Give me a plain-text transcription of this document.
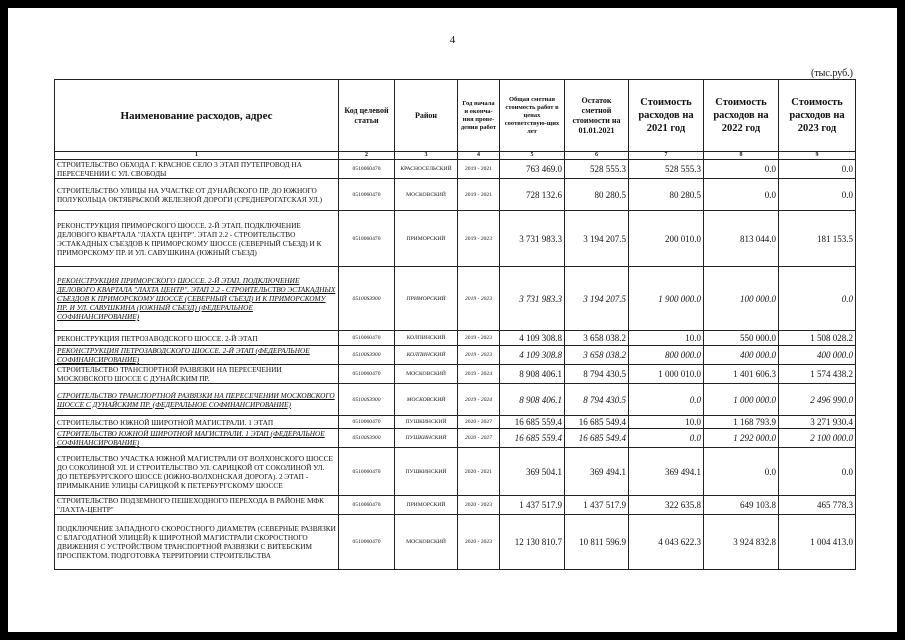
4
(тыс.руб.)
Наименование расходов, адрес	Код целевой статьи	Район	Год начала и оконча-ния прове-дения работ	Общая сметная стоимость работ в ценах соответствую-щих лет	Остаток сметной стоимости на 01.01.2021	Стоимость расходов на 2021 год	Стоимость расходов на 2022 год	Стоимость расходов на 2023 год
1	2	3	4	5	6	7	8	9
СТРОИТЕЛЬСТВО ОБХОДА Г. КРАСНОЕ СЕЛО 3 ЭТАП ПУТЕПРОВОД НА ПЕРЕСЕЧЕНИИ С УЛ. СВОБОДЫ	0510060470	КРАСНОСЕЛЬСКИЙ	2019 - 2021	763 469.0	528 555.3	528 555.3	0.0	0.0
СТРОИТЕЛЬСТВО УЛИЦЫ НА УЧАСТКЕ ОТ ДУНАЙСКОГО ПР. ДО ЮЖНОГО ПОЛУКОЛЬЦА ОКТЯБРЬСКОЙ ЖЕЛЕЗНОЙ ДОРОГИ (СРЕДНЕРОГАТСКАЯ УЛ.)	0510060470	МОСКОВСКИЙ	2019 - 2021	728 132.6	80 280.5	80 280.5	0.0	0.0
РЕКОНСТРУКЦИЯ ПРИМОРСКОГО ШОССЕ. 2-Й ЭТАП. ПОДКЛЮЧЕНИЕ ДЕЛОВОГО КВАРТАЛА "ЛАХТА ЦЕНТР". ЭТАП 2.2 - СТРОИТЕЛЬСТВО ЭСТАКАДНЫХ СЪЕЗДОВ К ПРИМОРСКОМУ ШОССЕ (СЕВЕРНЫЙ СЪЕЗД) И К ПРИМОРСКОМУ ПР. И УЛ. САВУШКИНА (ЮЖНЫЙ СЪЕЗД)	0510060470	ПРИМОРСКИЙ	2019 - 2023	3 731 983.3	3 194 207.5	200 010.0	813 044.0	181 153.5
РЕКОНСТРУКЦИЯ ПРИМОРСКОГО ШОССЕ. 2-Й ЭТАП. ПОДКЛЮЧЕНИЕ ДЕЛОВОГО КВАРТАЛА "ЛАХТА ЦЕНТР". ЭТАП 2.2 - СТРОИТЕЛЬСТВО ЭСТАКАДНЫХ СЪЕЗДОВ К ПРИМОРСКОМУ ШОССЕ (СЕВЕРНЫЙ СЪЕЗД) И К ПРИМОРСКОМУ ПР. И УЛ. САВУШКИНА (ЮЖНЫЙ СЪЕЗД) (ФЕДЕРАЛЬНОЕ СОФИНАНСИРОВАНИЕ)	05100S3900	ПРИМОРСКИЙ	2019 - 2023	3 731 983.3	3 194 207.5	1 900 000.0	100 000.0	0.0
РЕКОНСТРУКЦИЯ ПЕТРОЗАВОДСКОГО ШОССЕ. 2-Й ЭТАП	0510060470	КОЛПИНСКИЙ	2019 - 2023	4 109 308.8	3 658 038.2	10.0	550 000.0	1 508 028.2
РЕКОНСТРУКЦИЯ ПЕТРОЗАВОДСКОГО ШОССЕ. 2-Й ЭТАП (ФЕДЕРАЛЬНОЕ СОФИНАНСИРОВАНИЕ)	05100S3900	КОЛПИНСКИЙ	2019 - 2023	4 109 308.8	3 658 038.2	800 000.0	400 000.0	400 000.0
СТРОИТЕЛЬСТВО ТРАНСПОРТНОЙ РАЗВЯЗКИ НА ПЕРЕСЕЧЕНИИ МОСКОВСКОГО ШОССЕ С ДУНАЙСКИМ ПР.	0510060470	МОСКОВСКИЙ	2019 - 2024	8 908 406.1	8 794 430.5	1 000 010.0	1 401 606.3	1 574 438.2
СТРОИТЕЛЬСТВО ТРАНСПОРТНОЙ РАЗВЯЗКИ НА ПЕРЕСЕЧЕНИИ МОСКОВСКОГО ШОССЕ С ДУНАЙСКИМ ПР. (ФЕДЕРАЛЬНОЕ СОФИНАНСИРОВАНИЕ)	05100S3900	МОСКОВСКИЙ	2019 - 2024	8 908 406.1	8 794 430.5	0.0	1 000 000.0	2 496 990.0
СТРОИТЕЛЬСТВО ЮЖНОЙ ШИРОТНОЙ МАГИСТРАЛИ. 1 ЭТАП	0510060470	ПУШКИНСКИЙ	2020 - 2027	16 685 559.4	16 685 549.4	10.0	1 168 793.9	3 271 930.4
СТРОИТЕЛЬСТВО ЮЖНОЙ ШИРОТНОЙ МАГИСТРАЛИ. 1 ЭТАП (ФЕДЕРАЛЬНОЕ СОФИНАНСИРОВАНИЕ)	05100S3900	ПУШКИНСКИЙ	2020 - 2027	16 685 559.4	16 685 549.4	0.0	1 292 000.0	2 100 000.0
СТРОИТЕЛЬСТВО УЧАСТКА ЮЖНОЙ МАГИСТРАЛИ ОТ ВОЛХОНСКОГО ШОССЕ ДО СОКОЛИНОЙ УЛ. И СТРОИТЕЛЬСТВО УЛ. САРИЦКОЙ ОТ СОКОЛИНОЙ УЛ. ДО ПЕТЕРБУРГСКОГО ШОССЕ (ЮЖНО-ВОЛХОНСКАЯ ДОРОГА). 2 ЭТАП - ПРИМЫКАНИЕ УЛИЦЫ САРИЦКОЙ К ПЕТЕРБУРГСКОМУ ШОССЕ	0510060470	ПУШКИНСКИЙ	2020 - 2021	369 504.1	369 494.1	369 494.1	0.0	0.0
СТРОИТЕЛЬСТВО ПОДЗЕМНОГО ПЕШЕХОДНОГО ПЕРЕХОДА В РАЙОНЕ МФК "ЛАХТА-ЦЕНТР"	0510060470	ПРИМОРСКИЙ	2020 - 2023	1 437 517.9	1 437 517.9	322 635.8	649 103.8	465 778.3
ПОДКЛЮЧЕНИЕ ЗАПАДНОГО СКОРОСТНОГО ДИАМЕТРА (СЕВЕРНЫЕ РАЗВЯЗКИ С БЛАГОДАТНОЙ УЛИЦЕЙ) К ШИРОТНОЙ МАГИСТРАЛИ СКОРОСТНОГО ДВИЖЕНИЯ С УСТРОЙСТВОМ ТРАНСПОРТНОЙ РАЗВЯЗКИ С ВИТЕБСКИМ ПРОСПЕКТОМ. ПОДГОТОВКА ТЕРРИТОРИИ СТРОИТЕЛЬСТВА	0510060470	МОСКОВСКИЙ	2020 - 2023	12 130 810.7	10 811 596.9	4 043 622.3	3 924 832.8	1 004 413.0
